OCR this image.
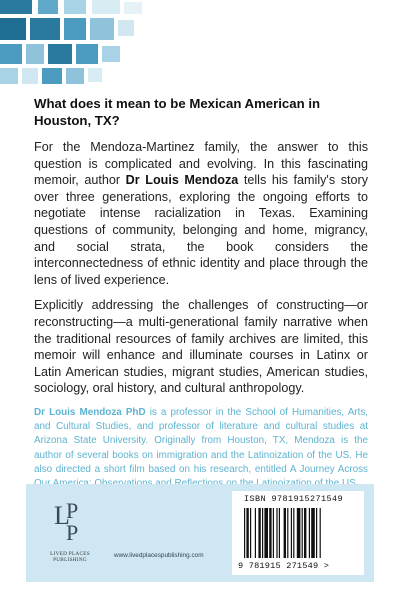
What does it mean to be Mexican American in Houston, TX?
For the Mendoza-Martinez family, the answer to this question is complicated and evolving. In this fascinating memoir, author Dr Louis Mendoza tells his family's story over three generations, exploring the ongoing efforts to negotiate intense racialization in Texas. Examining questions of community, belonging and home, migrancy, and social strata, the book considers the interconnectedness of ethnic identity and place through the lens of lived experience.
Explicitly addressing the challenges of constructing—or reconstructing—a multi-generational family narrative when the traditional resources of family archives are limited, this memoir will enhance and illuminate courses in Latinx or Latin American studies, migrant studies, American studies, sociology, oral history, and cultural anthropology.
Dr Louis Mendoza PhD is a professor in the School of Humanities, Arts, and Cultural Studies, and professor of literature and cultural studies at Arizona State University. Originally from Houston, TX, Mendoza is the author of several books on immigration and the Latinoization of the US. He also directed a short film based on his research, entitled A Journey Across
L
P
P
LIVED PLACES
PUBLISHING
www.livedplacespublishing.com
ISBN 9781915271549
9 781915 271549 >
